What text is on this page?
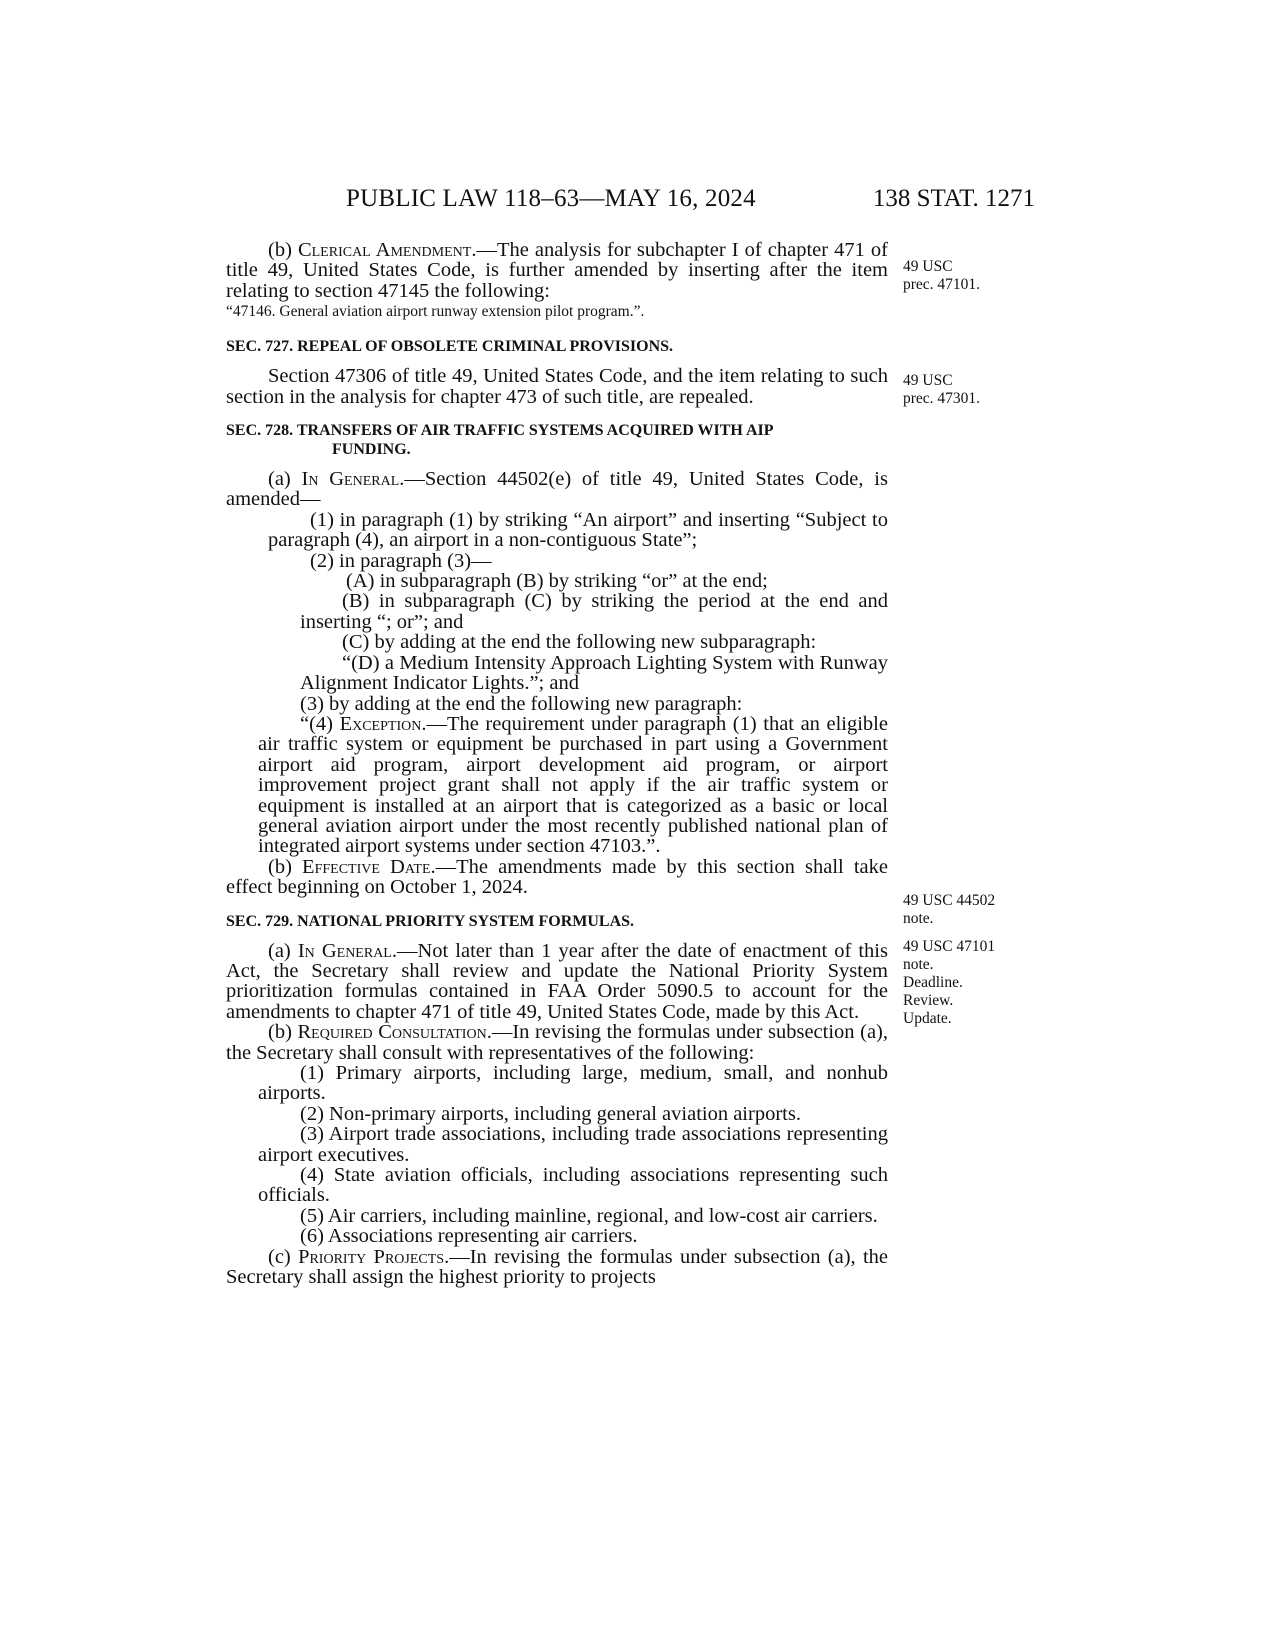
PUBLIC LAW 118–63—MAY 16, 2024	138 STAT. 1271

(b) Clerical Amendment.—The analysis for subchapter I of chapter 471 of title 49, United States Code, is further amended by inserting after the item relating to section 47145 the following:

“47146. General aviation airport runway extension pilot program.”.

SEC. 727. REPEAL OF OBSOLETE CRIMINAL PROVISIONS.

Section 47306 of title 49, United States Code, and the item relating to such section in the analysis for chapter 473 of such title, are repealed.

SEC. 728. TRANSFERS OF AIR TRAFFIC SYSTEMS ACQUIRED WITH AIP
FUNDING.

(a) In General.—Section 44502(e) of title 49, United States Code, is amended—

(1) in paragraph (1) by striking “An airport” and inserting “Subject to paragraph (4), an airport in a non-contiguous State”;

(2) in paragraph (3)—

(A) in subparagraph (B) by striking “or” at the end;

(B) in subparagraph (C) by striking the period at the end and inserting “; or”; and

(C) by adding at the end the following new subparagraph:

“(D) a Medium Intensity Approach Lighting System with Runway Alignment Indicator Lights.”; and

(3) by adding at the end the following new paragraph:

“(4) Exception.—The requirement under paragraph (1) that an eligible air traffic system or equipment be purchased in part using a Government airport aid program, airport development aid program, or airport improvement project grant shall not apply if the air traffic system or equipment is installed at an airport that is categorized as a basic or local general aviation airport under the most recently published national plan of integrated airport systems under section 47103.”.

(b) Effective Date.—The amendments made by this section shall take effect beginning on October 1, 2024.

SEC. 729. NATIONAL PRIORITY SYSTEM FORMULAS.

(a) In General.—Not later than 1 year after the date of enactment of this Act, the Secretary shall review and update the National Priority System prioritization formulas contained in FAA Order 5090.5 to account for the amendments to chapter 471 of title 49, United States Code, made by this Act.

(b) Required Consultation.—In revising the formulas under subsection (a), the Secretary shall consult with representatives of the following:

(1) Primary airports, including large, medium, small, and nonhub airports.

(2) Non-primary airports, including general aviation airports.

(3) Airport trade associations, including trade associations representing airport executives.

(4) State aviation officials, including associations representing such officials.

(5) Air carriers, including mainline, regional, and low-cost air carriers.

(6) Associations representing air carriers.

(c) Priority Projects.—In revising the formulas under subsection (a), the Secretary shall assign the highest priority to projects

49 USC
prec. 47101.
49 USC
prec. 47301.
49 USC 44502
note.
49 USC 47101
note.
Deadline.
Review.
Update.
